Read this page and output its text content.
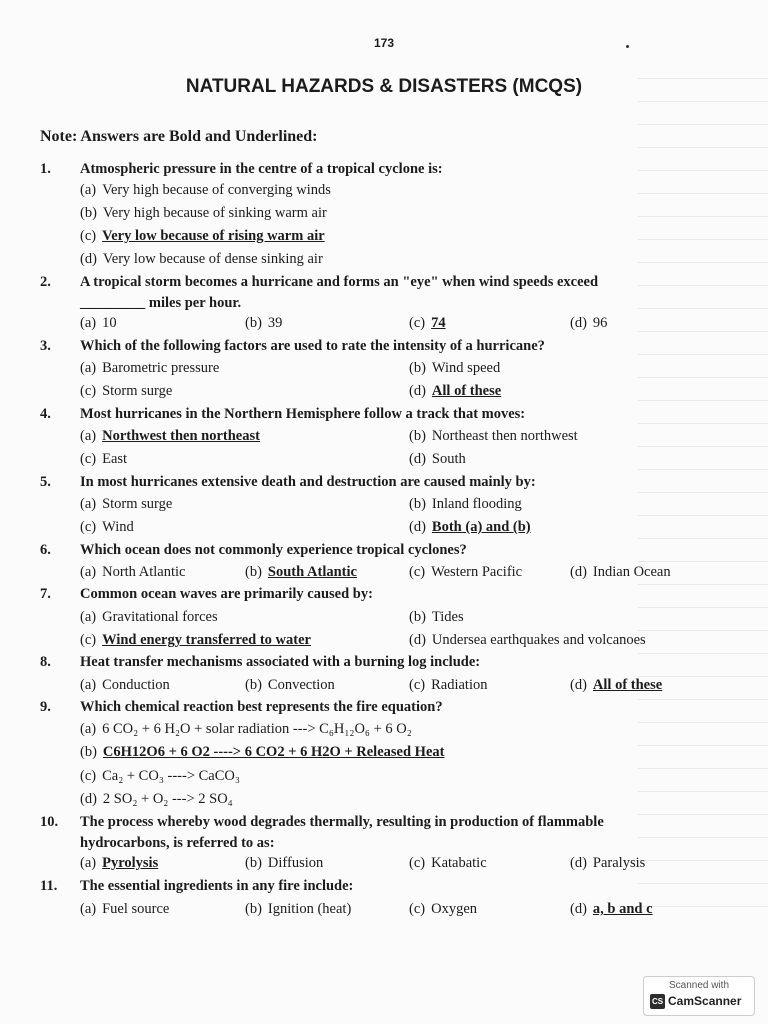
173
NATURAL HAZARDS & DISASTERS (MCQS)
Note: Answers are Bold and Underlined:
1.	Atmospheric pressure in the centre of a tropical cyclone is:
(a) Very high because of converging winds
(b) Very high because of sinking warm air
(c) Very low because of rising warm air
(d) Very low because of dense sinking air
2.	A tropical storm becomes a hurricane and forms an "eye" when wind speeds exceed
_________ miles per hour.
(a) 10	(b) 39	(c) 74	(d) 96
3.	Which of the following factors are used to rate the intensity of a hurricane?
(a) Barometric pressure	(b) Wind speed
(c) Storm surge	(d) All of these
4.	Most hurricanes in the Northern Hemisphere follow a track that moves:
(a) Northwest then northeast	(b) Northeast then northwest
(c) East	(d) South
5.	In most hurricanes extensive death and destruction are caused mainly by:
(a) Storm surge	(b) Inland flooding
(c) Wind	(d) Both (a) and (b)
6.	Which ocean does not commonly experience tropical cyclones?
(a) North Atlantic	(b) South Atlantic	(c) Western Pacific	(d) Indian Ocean
7.	Common ocean waves are primarily caused by:
(a) Gravitational forces	(b) Tides
(c) Wind energy transferred to water	(d) Undersea earthquakes and volcanoes
8.	Heat transfer mechanisms associated with a burning log include:
(a) Conduction	(b) Convection	(c) Radiation	(d) All of these
9.	Which chemical reaction best represents the fire equation?
(a) 6 CO₂ + 6 H₂O + solar radiation ---> C₆H₁₂O₆ + 6 O₂
(b) C6H12O6 + 6 O2 ----> 6 CO2 + 6 H2O + Released Heat
(c) Ca₂ + CO₃ ----> CaCO₃
(d) 2 SO₂ + O₂ ---> 2 SO₄
10.	The process whereby wood degrades thermally, resulting in production of flammable
hydrocarbons, is referred to as:
(a) Pyrolysis	(b) Diffusion	(c) Katabatic	(d) Paralysis
11.	The essential ingredients in any fire include:
(a) Fuel source	(b) Ignition (heat)	(c) Oxygen	(d) a, b and c
Scanned with
CS CamScanner
